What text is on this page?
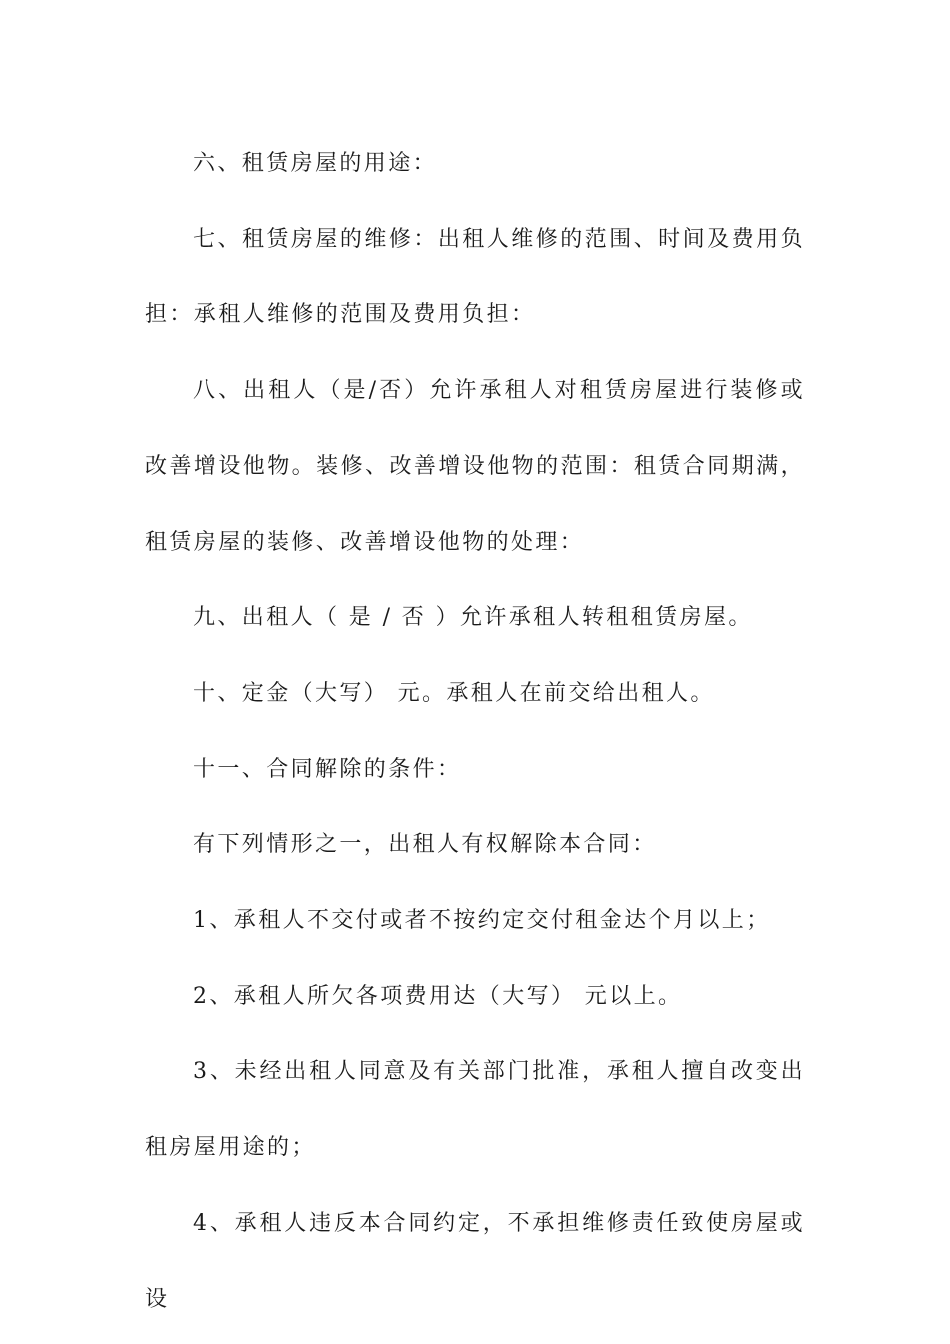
六、租赁房屋的用途：

七、租赁房屋的维修：出租人维修的范围、时间及费用负担：承租人维修的范围及费用负担：

八、出租人（是/否）允许承租人对租赁房屋进行装修或改善增设他物。装修、改善增设他物的范围：租赁合同期满，租赁房屋的装修、改善增设他物的处理：

九、出租人（ 是 / 否 ）允许承租人转租租赁房屋。

十、定金（大写） 元。承租人在前交给出租人。

十一、合同解除的条件：

有下列情形之一，出租人有权解除本合同：

1、承租人不交付或者不按约定交付租金达个月以上；

2、承租人所欠各项费用达（大写） 元以上。

3、未经出租人同意及有关部门批准，承租人擅自改变出租房屋用途的；

4、承租人违反本合同约定，不承担维修责任致使房屋或设
